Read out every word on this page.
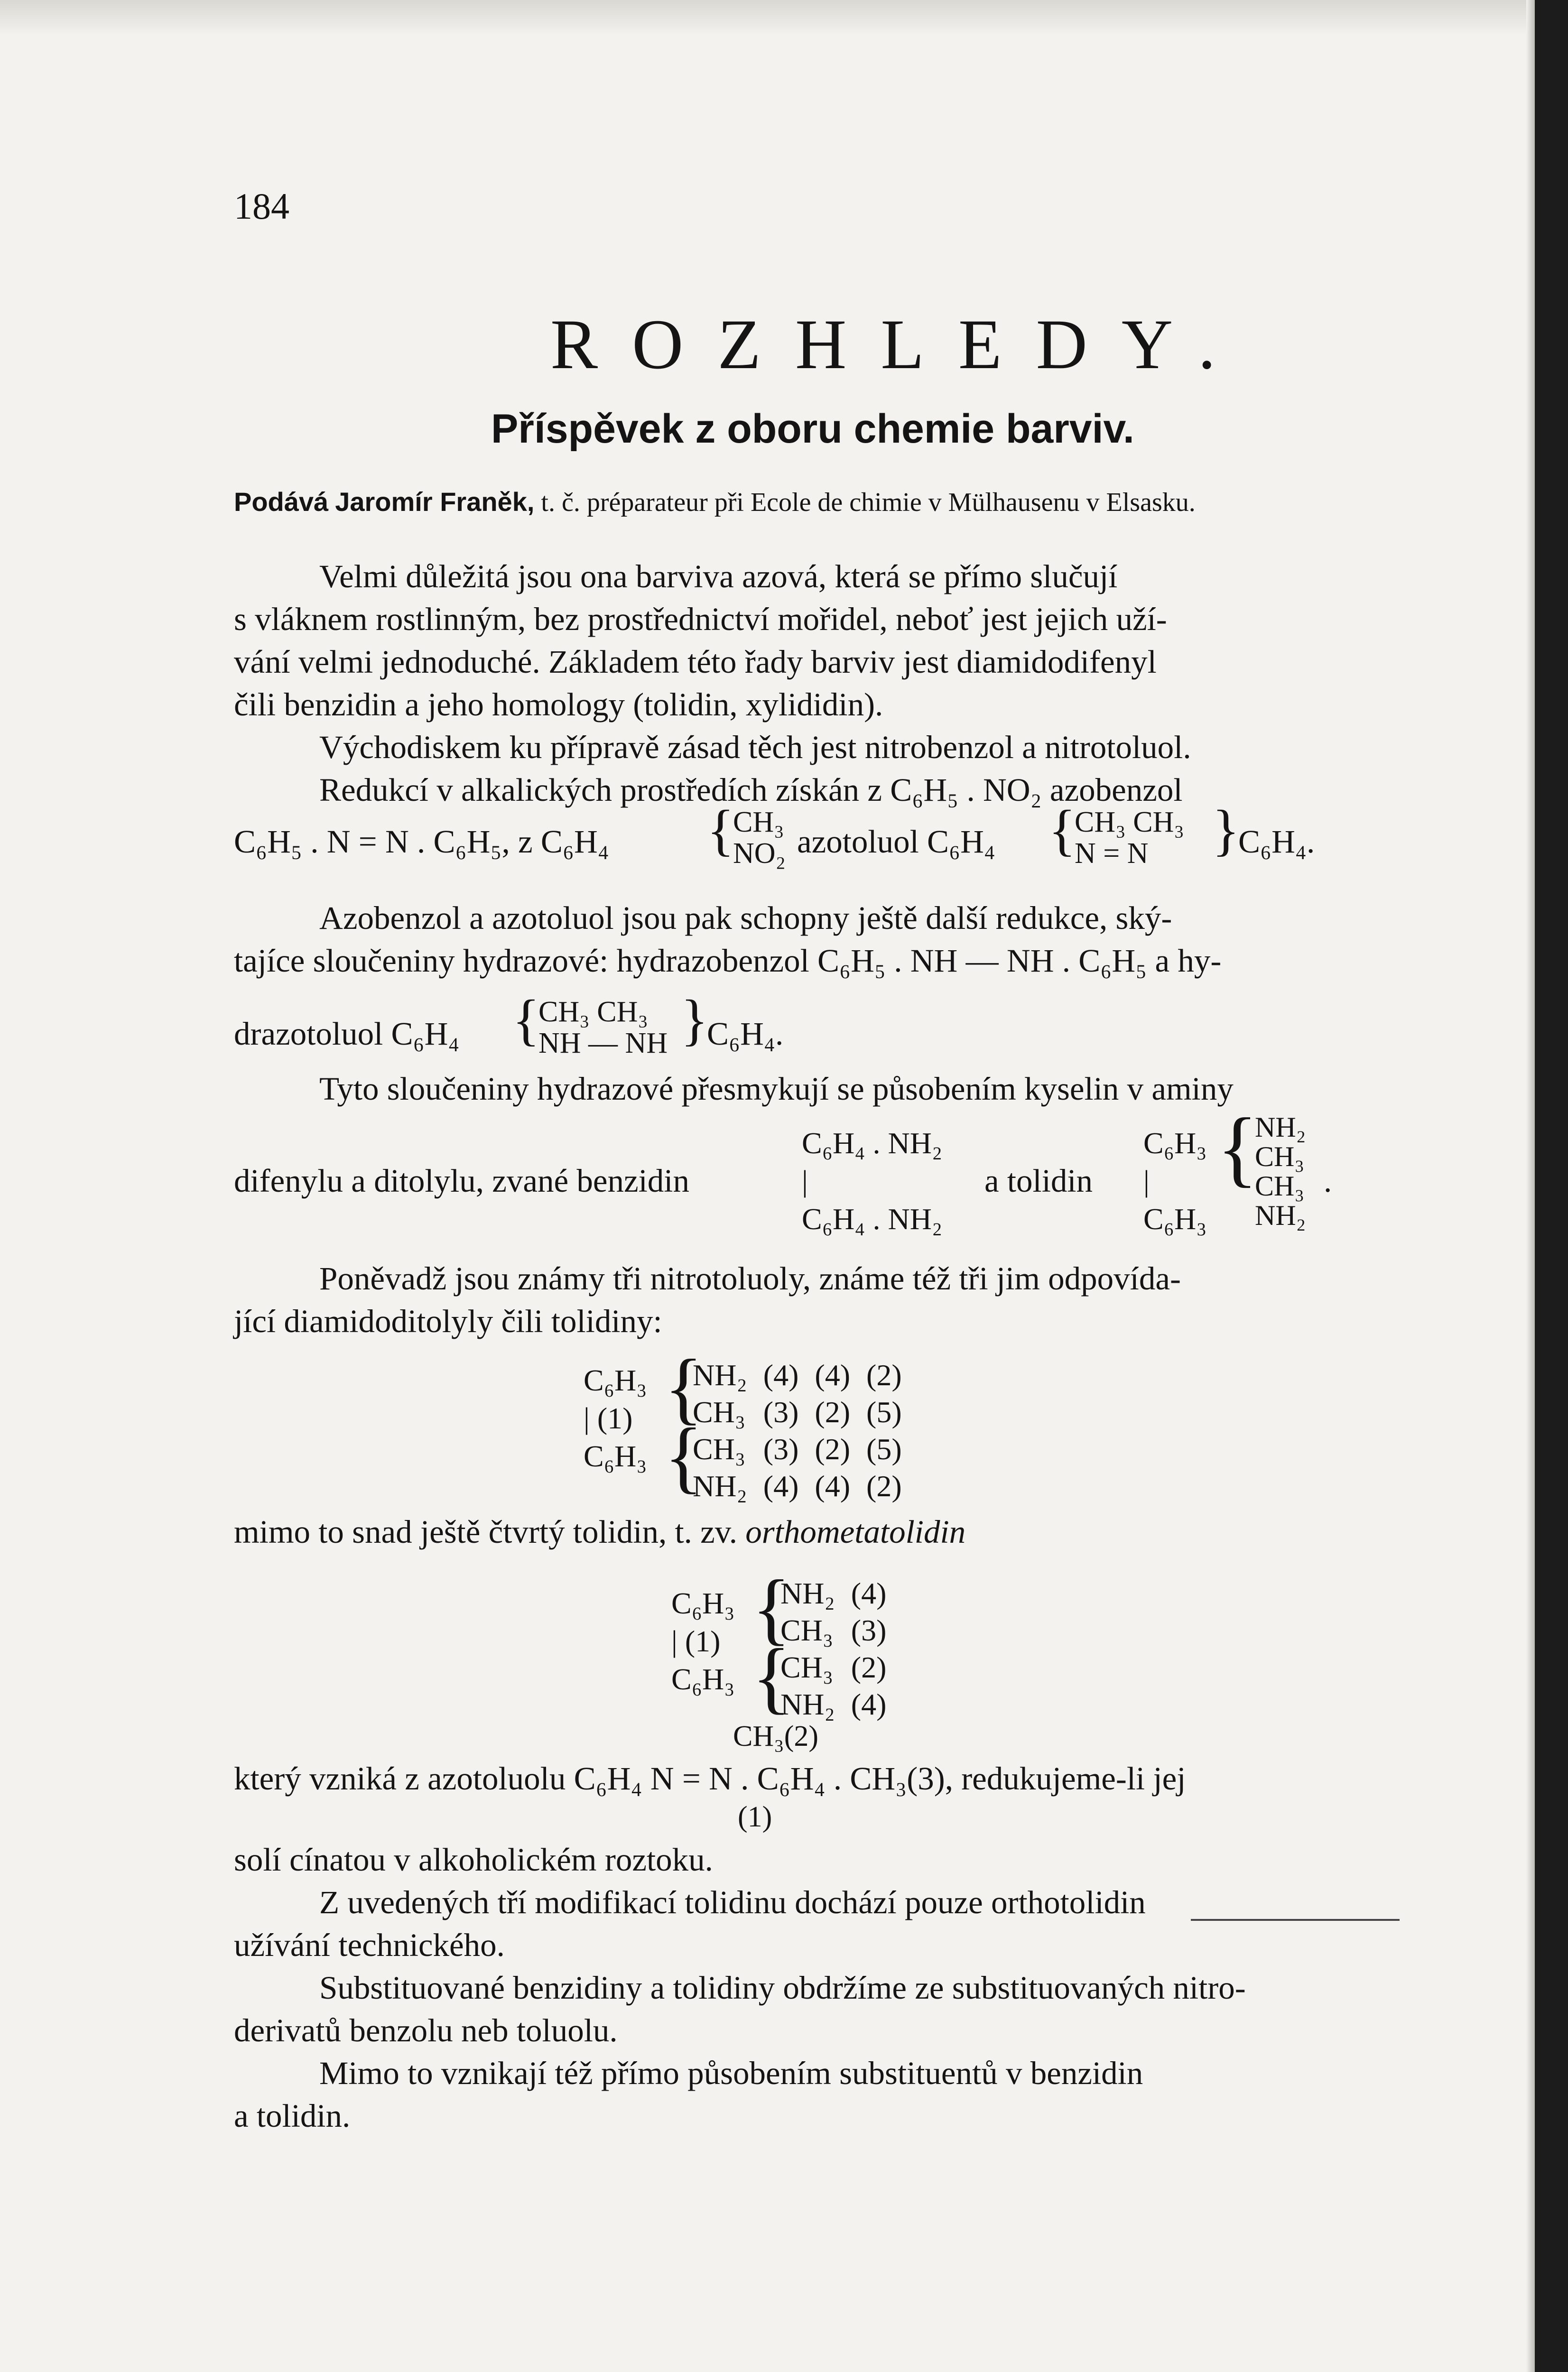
184
ROZHLEDY.
Příspěvek z oboru chemie barviv.
Podává Jaromír Franěk, t. č. préparateur při Ecole de chimie v Mülhausenu v Elsasku.
Velmi důležitá jsou ona barviva azová, která se přímo slučují
s vláknem rostlinným, bez prostřednictví mořidel, neboť jest jejich uží-
vání velmi jednoduché. Základem této řady barviv jest diamidodifenyl
čili benzidin a jeho homology (tolidin, xylididin).
Východiskem ku přípravě zásad těch jest nitrobenzol a nitrotoluol.
Redukcí v alkalických prostředích získán z C₆H₅ . NO₂ azobenzol
C₆H₅ . N = N . C₆H₅, z C₆H₄ {
CH₃
NO₂ azotoluol C₆H₄ {
CH₃ CH₃
N = N	}
C₆H₄.
Azobenzol a azotoluol jsou pak schopny ještě další redukce, ský-
tajíce sloučeniny hydrazové: hydrazobenzol C₆H₅ . NH — NH . C₆H₅ a hy-
drazotoluol C₆H₄ {
CH₃ CH₃
NH — NH }
C₆H₄.
Tyto sloučeniny hydrazové přesmykují se působením kyselin v aminy
difenylu a ditolylu, zvané benzidin
C₆H₄ . NH₂
|
C₆H₄ . NH₂
a tolidin
C₆H₃
|
C₆H₃
{
NH₂
CH₃
CH₃
NH₂
.
Poněvadž jsou známy tři nitrotoluoly, známe též tři jim odpovída-
jící diamidoditolyly čili tolidiny:
C₆H₃
| (1)
C₆H₃
{
{
NH₂	(4)	(4)	(2)
CH₃	(3)	(2)	(5)
CH₃	(3)	(2)	(5)
NH₂	(4)	(4)	(2)
mimo to snad ještě čtvrtý tolidin, t. zv. orthometatolidin
C₆H₃
| (1)
C₆H₃
{
{
NH₂	(4)
CH₃	(3)
CH₃	(2)
NH₂	(4)
CH₃(2)
který vzniká z azotoluolu C₆H₄ N = N . C₆H₄ . CH₃(3), redukujeme-li jej
(1)
solí cínatou v alkoholickém roztoku.
Z uvedených tří modifikací tolidinu dochází pouze orthotolidin
užívání technického.
Substituované benzidiny a tolidiny obdržíme ze substituovaných nitro-
derivatů benzolu neb toluolu.
Mimo to vznikají též přímo působením substituentů v benzidin
a tolidin.
